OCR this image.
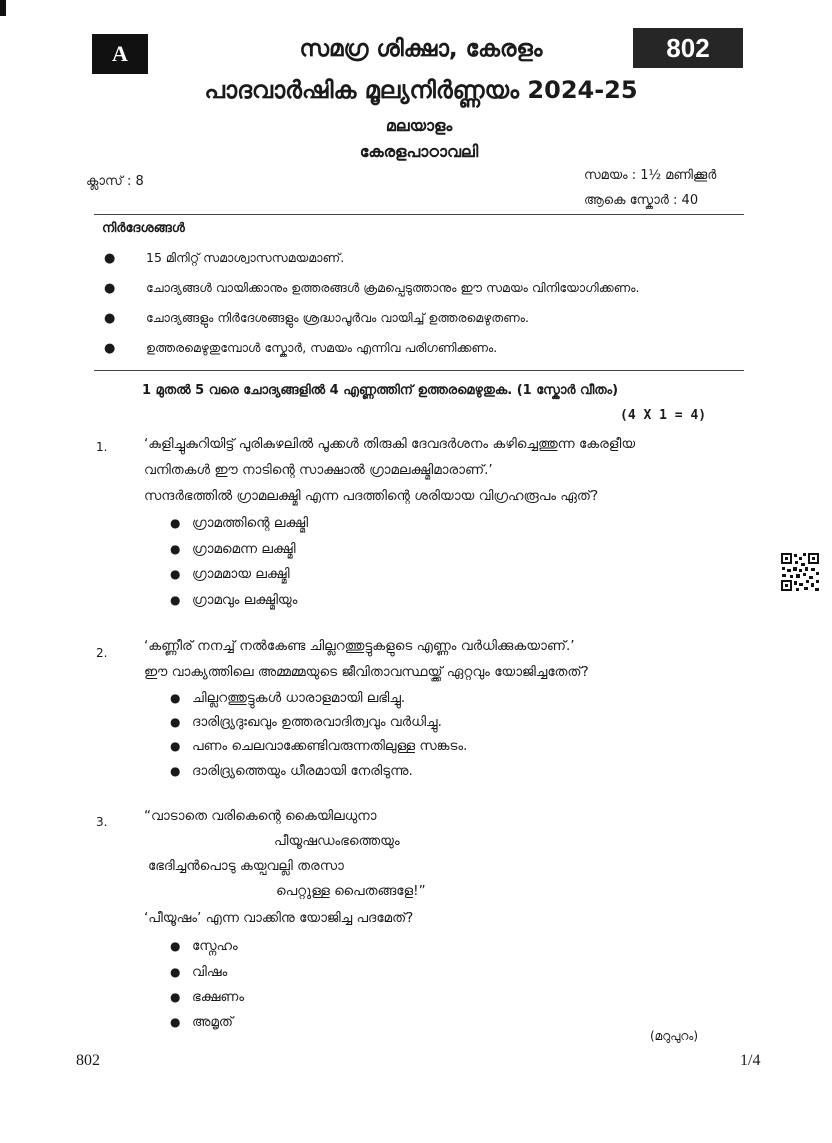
A	802
സമഗ്ര ശിക്ഷാ, കേരളം
പാദവാർഷിക മൂല്യനിർണ്ണയം 2024-25
മലയാളം
കേരളപാഠാവലി
ക്ലാസ് : 8	സമയം : 1½ മണിക്കൂർ
ആകെ സ്കോർ : 40
നിർദേശങ്ങൾ
●	15 മിനിറ്റ് സമാശ്വാസസമയമാണ്.
●	ചോദ്യങ്ങൾ വായിക്കാനും ഉത്തരങ്ങൾ ക്രമപ്പെടുത്താനും ഈ സമയം വിനിയോഗിക്കണം.
●	ചോദ്യങ്ങളും നിർദേശങ്ങളും ശ്രദ്ധാപൂർവം വായിച്ച് ഉത്തരമെഴുതണം.
●	ഉത്തരമെഴുതുമ്പോൾ സ്കോർ, സമയം എന്നിവ പരിഗണിക്കണം.
1 മുതൽ 5 വരെ ചോദ്യങ്ങളിൽ 4 എണ്ണത്തിന് ഉത്തരമെഴുതുക. (1 സ്കോർ വീതം)
(4 X 1 = 4)
1.	‘കുളിച്ചുകുറിയിട്ട് പുരികുഴലിൽ പൂക്കൾ തിരുകി ദേവദർശനം കഴിച്ചെത്തുന്ന കേരളീയ
വനിതകൾ ഈ നാടിന്റെ സാക്ഷാൽ ഗ്രാമലക്ഷ്മിമാരാണ്.’
സന്ദർഭത്തിൽ ഗ്രാമലക്ഷ്മി എന്ന പദത്തിന്റെ ശരിയായ വിഗ്രഹരൂപം ഏത്?
● ഗ്രാമത്തിന്റെ ലക്ഷ്മി
● ഗ്രാമമെന്ന ലക്ഷ്മി
● ഗ്രാമമായ ലക്ഷ്മി
● ഗ്രാമവും ലക്ഷ്മിയും
2.	‘കണ്ണീര് നനച്ച് നൽകേണ്ട ചില്ലറത്തുട്ടുകളുടെ എണ്ണം വർധിക്കുകയാണ്.’
ഈ വാക്യത്തിലെ അമ്മമ്മയുടെ ജീവിതാവസ്ഥയ്ക്ക് ഏറ്റവും യോജിച്ചതേത്?
● ചില്ലറത്തുട്ടുകൾ ധാരാളമായി ലഭിച്ചു.
● ദാരിദ്ര്യദുഃഖവും ഉത്തരവാദിത്വവും വർധിച്ചു.
● പണം ചെലവാക്കേണ്ടിവരുന്നതിലുള്ള സങ്കടം.
● ദാരിദ്ര്യത്തെയും ധീരമായി നേരിടുന്നു.
3.	“വാടാതെ വരികെന്റെ കൈയിലധുനാ
പീയൂഷഡംഭത്തെയും
ഭേദിച്ചൻപൊടു കയ്പവല്ലി തരസാ
പെറ്റുള്ള പൈതങ്ങളേ!”
‘പീയൂഷം’ എന്ന വാക്കിനു യോജിച്ച പദമേത്?
● സ്നേഹം
● വിഷം
● ഭക്ഷണം
● അമൃത്
(മറുപുറം)
802	1/4
